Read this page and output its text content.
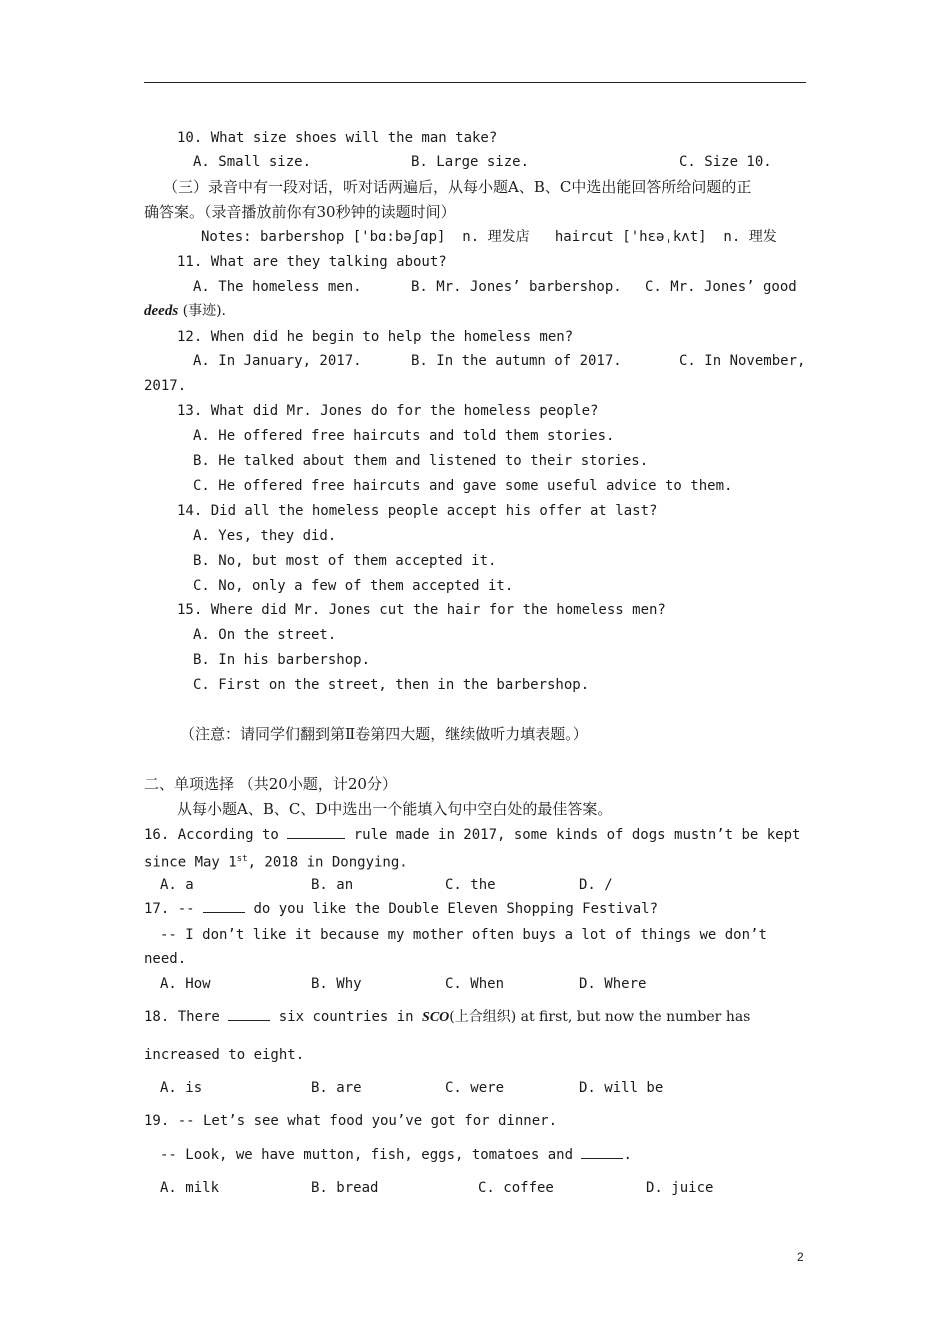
10. What size shoes will the man take?
A. Small size.	B. Large size.	C. Size 10.
（三）录音中有一段对话，听对话两遍后，从每小题A、B、C中选出能回答所给问题的正
确答案。（录音播放前你有30秒钟的读题时间）
Notes: barbershop ['bɑ:bəʃɑp]  n. 理发店   haircut ['hɛəˌkʌt]  n. 理发
11. What are they talking about?
A. The homeless men.	B. Mr. Jones’ barbershop. C. Mr. Jones’ good
deeds (事迹).
12. When did he begin to help the homeless men?
A. In January, 2017.	B. In the autumn of 2017.	C. In November,
2017.
13. What did Mr. Jones do for the homeless people?
A. He offered free haircuts and told them stories.
B. He talked about them and listened to their stories.
C. He offered free haircuts and gave some useful advice to them.
14. Did all the homeless people accept his offer at last?
A. Yes, they did.
B. No, but most of them accepted it.
C. No, only a few of them accepted it.
15. Where did Mr. Jones cut the hair for the homeless men?
A. On the street.
B. In his barbershop.
C. First on the street, then in the barbershop.
（注意：请同学们翻到第Ⅱ卷第四大题，继续做听力填表题。）
二、单项选择 （共20小题，计20分）
从每小题A、B、C、D中选出一个能填入句中空白处的最佳答案。
16. According to	rule made in 2017, some kinds of dogs mustn’t be kept
since May 1st, 2018 in Dongying.
A. a	B. an	C. the	D. /
17. --	do you like the Double Eleven Shopping Festival?
-- I don’t like it because my mother often buys a lot of things we don’t
need.
A. How	B. Why	C. When	D. Where
18. There	six countries in SCO(上合组织) at first, but now the number has
increased to eight.
A. is	B. are	C. were	D. will be
19. -- Let’s see what food you’ve got for dinner.
-- Look, we have mutton, fish, eggs, tomatoes and	.
A. milk	B. bread	C. coffee	D. juice
2
